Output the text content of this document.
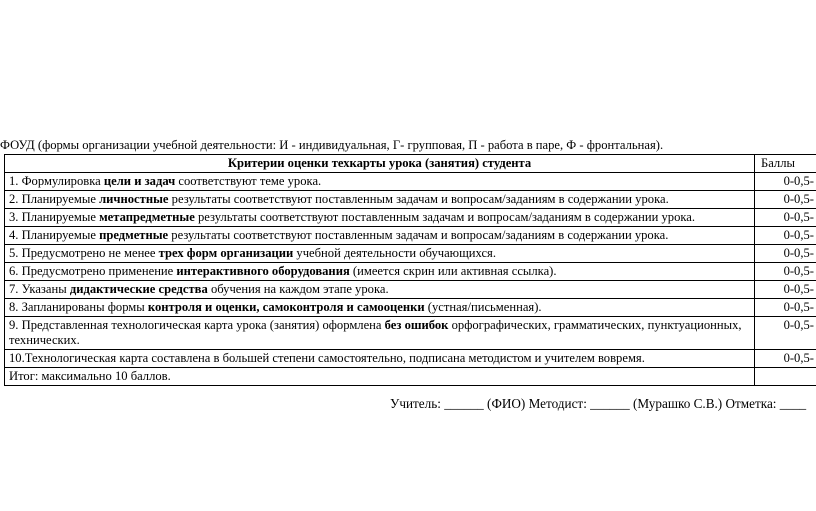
ФОУД (формы организации учебной деятельности: И - индивидуальная, Г- групповая, П - работа в паре, Ф - фронтальная).
Критерии оценки техкарты урока (занятия) студента	Баллы
1. Формулировка цели и задач соответствуют теме урока.	0-0,5-
2. Планируемые личностные результаты соответствуют поставленным задачам и вопросам/заданиям в содержании урока.	0-0,5-
3. Планируемые метапредметные результаты соответствуют поставленным задачам и вопросам/заданиям в содержании урока.	0-0,5-
4. Планируемые предметные результаты соответствуют поставленным задачам и вопросам/заданиям в содержании урока.	0-0,5-
5. Предусмотрено не менее трех форм организации учебной деятельности обучающихся.	0-0,5-
6. Предусмотрено применение интерактивного оборудования (имеется скрин или активная ссылка).	0-0,5-
7. Указаны дидактические средства обучения на каждом этапе урока.	0-0,5-
8. Запланированы формы контроля и оценки, самоконтроля и самооценки (устная/письменная).	0-0,5-
9. Представленная технологическая карта урока (занятия) оформлена без ошибок орфографических, грамматических, пунктуационных, технических.	0-0,5-
10.Технологическая карта составлена в большей степени самостоятельно, подписана методистом и учителем вовремя.	0-0,5-
Итог: максимально 10 баллов.	
Учитель: ______ (ФИО) Методист: ______ (Мурашко С.В.) Отметка: ____
